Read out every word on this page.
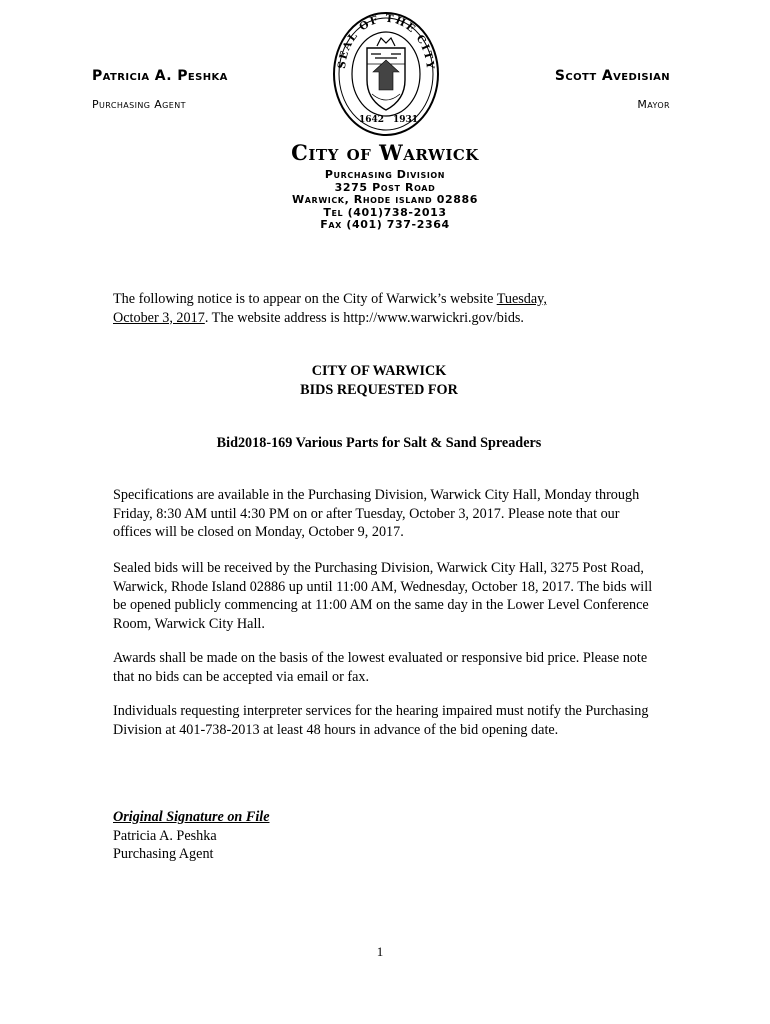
Patricia A. Peshka
Purchasing Agent
Scott Avedisian
Mayor
SEAL OF THE CITY
1642 1931
City of Warwick
Purchasing Division
3275 Post Road
Warwick, Rhode island 02886
Tel (401)738-2013
Fax (401) 737-2364
The following notice is to appear on the City of Warwick’s website Tuesday,
October 3, 2017. The website address is http://www.warwickri.gov/bids.
CITY OF WARWICK
BIDS REQUESTED FOR
Bid2018-169 Various Parts for Salt & Sand Spreaders
Specifications are available in the Purchasing Division, Warwick City Hall, Monday through Friday, 8:30 AM until 4:30 PM on or after Tuesday, October 3, 2017. Please note that our offices will be closed on Monday, October 9, 2017.
Sealed bids will be received by the Purchasing Division, Warwick City Hall, 3275 Post Road, Warwick, Rhode Island 02886 up until 11:00 AM, Wednesday, October 18, 2017. The bids will be opened publicly commencing at 11:00 AM on the same day in the Lower Level Conference Room, Warwick City Hall.
Awards shall be made on the basis of the lowest evaluated or responsive bid price. Please note that no bids can be accepted via email or fax.
Individuals requesting interpreter services for the hearing impaired must notify the Purchasing Division at 401-738-2013 at least 48 hours in advance of the bid opening date.
Original Signature on File
Patricia A. Peshka
Purchasing Agent
1
